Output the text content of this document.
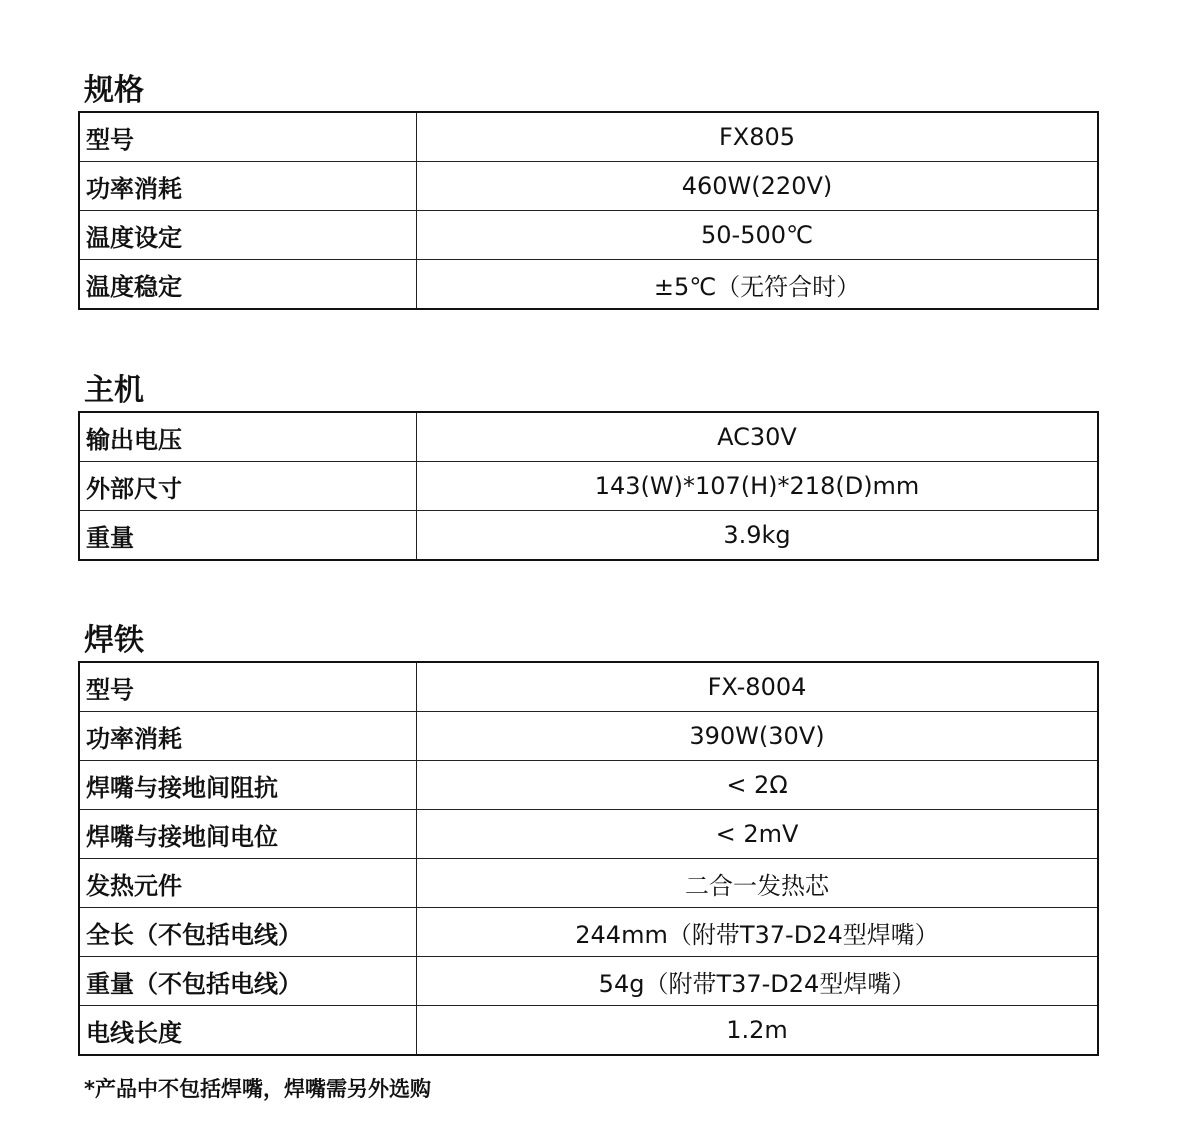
规格
型号	FX805
功率消耗	460W(220V)
温度设定	50-500℃
温度稳定	±5℃（无符合时）
主机
输出电压	AC30V
外部尺寸	143(W)*107(H)*218(D)mm
重量	3.9kg
焊铁
型号	FX-8004
功率消耗	390W(30V)
焊嘴与接地间阻抗	< 2Ω
焊嘴与接地间电位	< 2mV
发热元件	二合一发热芯
全长（不包括电线）	244mm（附带T37-D24型焊嘴）
重量（不包括电线）	54g（附带T37-D24型焊嘴）
电线长度	1.2m
*产品中不包括焊嘴，焊嘴需另外选购
